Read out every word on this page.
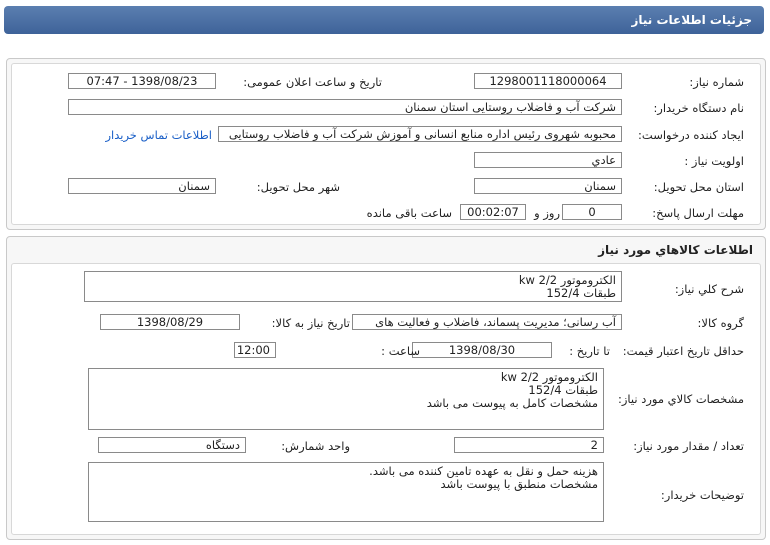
جزئيات اطلاعات نياز
شماره نياز:
1298001118000064
تاريخ و ساعت اعلان عمومی:
1398/08/23 - 07:47
نام دستگاه خريدار:
شرکت آب و فاضلاب روستایی استان سمنان
ايجاد کننده درخواست:
محبوبه شهروی رئیس اداره منابع انسانی و آموزش شرکت آب و فاضلاب روستایی
اطلاعات تماس خريدار
اولويت نياز :
عادي
استان محل تحويل:
سمنان
شهر محل تحويل:
سمنان
مهلت ارسال پاسخ:
0
روز و
00:02:07
ساعت باقی مانده
اطلاعات کالاهاي مورد نياز
شرح کلي نياز:
الکتروموتور 2/2 kw
طبقات 152/4
گروه کالا:
آب رسانی؛ مدیریت پسماند، فاضلاب و فعالیت های
تاريخ نياز به کالا:
1398/08/29
حداقل تاريخ اعتبار قيمت:
تا تاريخ :
1398/08/30
ساعت :
12:00
مشخصات کالاي مورد نياز:
الکتروموتور 2/2 kw
طبقات 152/4
مشخصات کامل به پیوست می باشد
تعداد / مقدار مورد نياز:
2
واحد شمارش:
دستگاه
توضيحات خريدار:
هزینه حمل و نقل به عهده تامین کننده می باشد.
مشخصات منطبق با پیوست باشد
